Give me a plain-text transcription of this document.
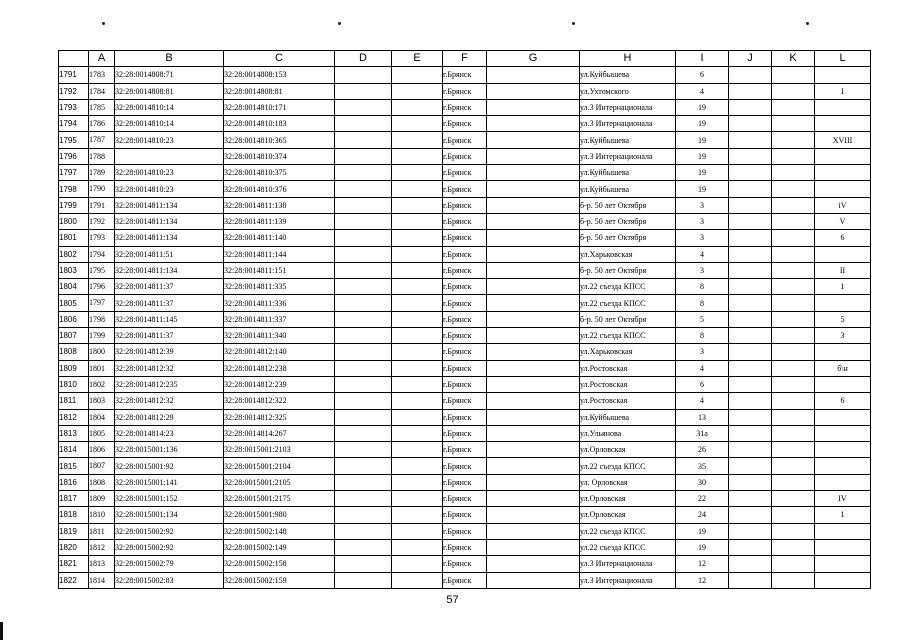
	A	B	C	D	E	F	G	H	I	J	K	L
1791	1783	32:28:0014808:71	32:28:0014808:153			г.Брянск		ул.Куйбышева	6			
1792	1784	32:28:0014808:81	32:28:0014808:81			г.Брянск		ул.Ухтомского	4			I
1793	1785	32:28:0014810:14	32:28:0014810:171			г.Брянск		ул.3 Интернационала	19			
1794	1786	32:28:0014810:14	32:28:0014810:183			г.Брянск		ул.3 Интернационала	19			
1795	1787	32:28:0014810:23	32:28:0014810:365			г.Брянск		ул.Куйбышева	19			XVIII
1796	1788		32:28:0014810:374			г.Брянск		ул.3 Интернационала	19			
1797	1789	32:28:0014810:23	32:28:0014810:375			г.Брянск		ул.Куйбышева	19			
1798	1790	32:28:0014810:23	32:28:0014810:376			г.Брянск		ул.Куйбышева	19			
1799	1791	32:28:0014811:134	32:28:0014811:138			г.Брянск		б-р. 50 лет Октября	3			iV
1800	1792	32:28:0014811:134	32:28:0014811:139			г.Брянск		б-р. 50 лет Октября	3			V
1801	1793	32:28:0014811:134	32:28:0014811:140			г.Брянск		б-р. 50 лет Октября	3			6
1802	1794	32:28:0014811:51	32:28:0014811:144			г.Брянск		ул.Харьковская	4			
1803	1795	32:28:0014811:134	32:28:0014811:151			г.Брянск		б-р. 50 лет Октября	3			II
1804	1796	32:28:0014811:37	32:28:0014811:335			г.Брянск		ул.22 съезда КПСС	8			1
1805	1797	32:28:0014811:37	32:28:0014811:336			г.Брянск		ул.22 съезда КПСС	8			
1806	1798	32:28:0014811:145	32:28:0014811:337			г.Брянск		б-р. 50 лет Октября	5			5
1807	1799	32:28:0014811:37	32:28:0014811:340			г.Брянск		ул.22 съезда КПСС	8			3
1808	1800	32:28:0014812:39	32:28:0014812:140			г.Брянск		ул.Харьковская	3			
1809	1801	32:28:0014812:32	32:28:0014812:238			г.Брянск		ул.Ростовская	4			б\н
1810	1802	32:28:0014812:235	32:28:0014812:239			г.Брянск		ул.Ростовская	6			
1811	1803	32:28:0014812:32	32:28:0014812:322			г.Брянск		ул.Ростовская	4			6
1812	1804	32:28:0014812:29	32:28:0014812:325			г.Брянск		ул.Куйбышева	13			
1813	1805	32:28:0014814:23	32:28:0014814:267			г.Брянск		ул.Ульянова	31а			
1814	1806	32:28:0015001:136	32:28:0015001:2103			г.Брянск		ул.Орловская	26			
1815	1807	32:28:0015001:92	32:28:0015001:2104			г.Брянск		ул.22 съезда КПСС	35			
1816	1808	32:28:0015001:141	32:28:0015001:2105			г.Брянск		ул. Орловская	30			
1817	1809	32:28:0015001:152	32:28:0015001:2175			г.Брянск		ул.Орловская	22			IV
1818	1810	32:28:0015001:134	32:28:0015001:980			г.Брянск		ул.Орловская	24			1
1819	1811	32:28:0015002:92	32:28:0015002:148			г.Брянск		ул.22 съезда КПСС	19			
1820	1812	32:28:0015002:92	32:28:0015002:149			г.Брянск		ул.22 съезда КПСС	19			
1821	1813	32:28:0015002:79	32:28:0015002:158			г.Брянск		ул.3 Интернационала	12			
1822	1814	32:28:0015002:83	32:28:0015002:159			г.Брянск		ул.3 Интернационала	12			
57
